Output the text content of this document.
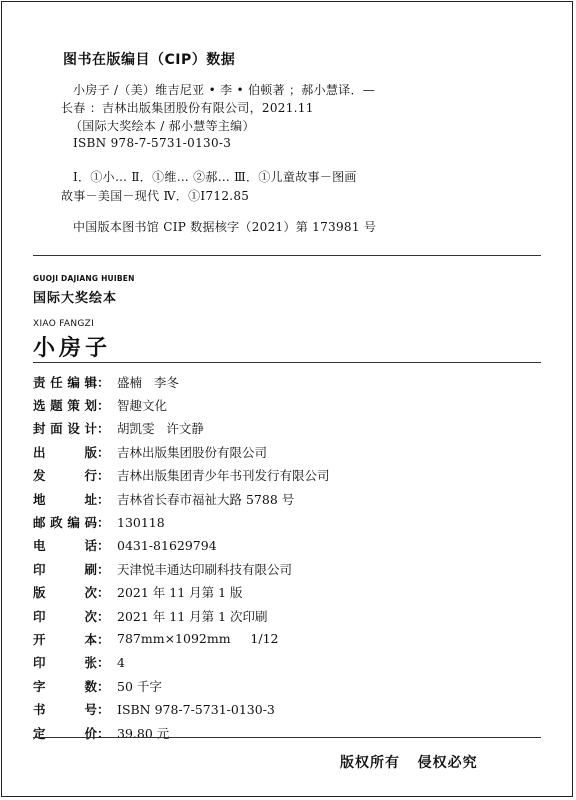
图书在版编目（CIP）数据
小房子 /（美）维吉尼亚 • 李 • 伯顿著 ；郝小慧译．—
长春 ：吉林出版集团股份有限公司，2021.11
（国际大奖绘本 / 郝小慧等主编）
ISBN 978-7-5731-0130-3
Ⅰ．①小… Ⅱ．①维… ②郝… Ⅲ．①儿童故事－图画
故事－美国－现代 Ⅳ．①I712.85
中国版本图书馆 CIP 数据核字（2021）第 173981 号
GUOJI DAJIANG HUIBEN
国际大奖绘本
XIAO FANGZI
小房子
责 任 编 辑 ： 盛楠   李冬
选 题 策 划 ： 智趣文化
封 面 设 计 ： 胡凯雯   许文静
出	版 ： 吉林出版集团股份有限公司
发	行 ： 吉林出版集团青少年书刊发行有限公司
地	址 ： 吉林省长春市福祉大路 5788 号
邮 政 编 码 ： 130118
电	话 ： 0431-81629794
印	刷 ： 天津悦丰通达印刷科技有限公司
版	次 ： 2021 年 11 月第 1 版
印	次 ： 2021 年 11 月第 1 次印刷
开	本 ： 787mm×1092mm     1/12
印	张 ： 4
字	数 ： 50 千字
书	号 ： ISBN 978-7-5731-0130-3
定	价 ： 39.80 元
版权所有   侵权必究
